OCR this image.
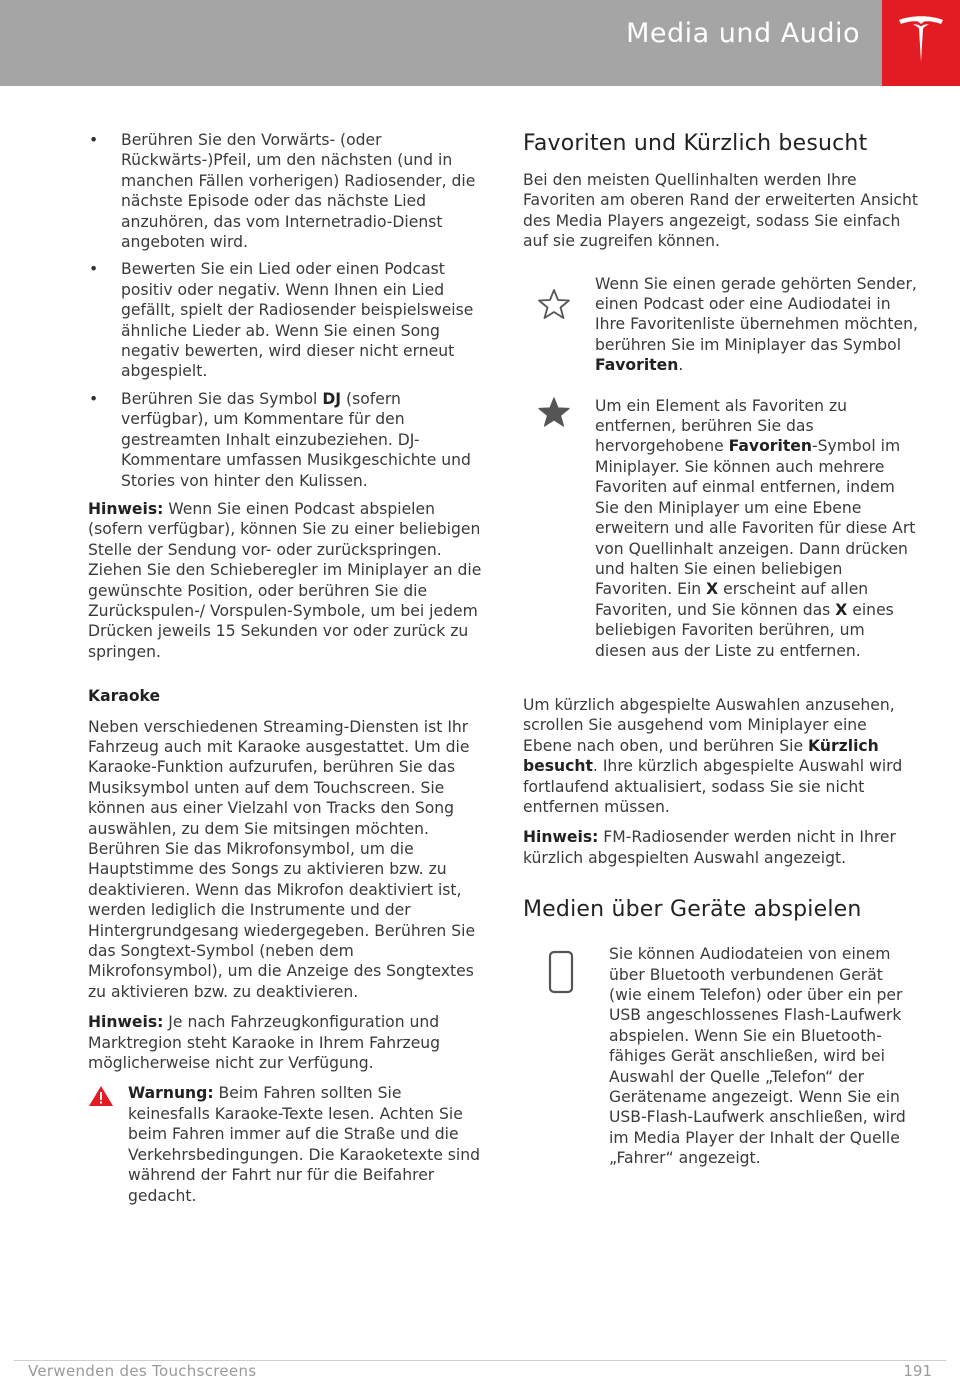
Media und Audio
• Berühren Sie den Vorwärts- (oder Rückwärts-)Pfeil, um den nächsten (und in manchen Fällen vorherigen) Radiosender, die nächste Episode oder das nächste Lied anzuhören, das vom Internetradio-Dienst angeboten wird.
• Bewerten Sie ein Lied oder einen Podcast positiv oder negativ. Wenn Ihnen ein Lied gefällt, spielt der Radiosender beispielsweise ähnliche Lieder ab. Wenn Sie einen Song negativ bewerten, wird dieser nicht erneut abgespielt.
• Berühren Sie das Symbol DJ (sofern verfügbar), um Kommentare für den gestreamten Inhalt einzubeziehen. DJ-Kommentare umfassen Musikgeschichte und Stories von hinter den Kulissen.

Hinweis: Wenn Sie einen Podcast abspielen (sofern verfügbar), können Sie zu einer beliebigen Stelle der Sendung vor- oder zurückspringen. Ziehen Sie den Schieberegler im Miniplayer an die gewünschte Position, oder berühren Sie die Zurückspulen-/ Vorspulen-Symbole, um bei jedem Drücken jeweils 15 Sekunden vor oder zurück zu springen.

Karaoke

Neben verschiedenen Streaming-Diensten ist Ihr Fahrzeug auch mit Karaoke ausgestattet. Um die Karaoke-Funktion aufzurufen, berühren Sie das Musiksymbol unten auf dem Touchscreen. Sie können aus einer Vielzahl von Tracks den Song auswählen, zu dem Sie mitsingen möchten. Berühren Sie das Mikrofonsymbol, um die Hauptstimme des Songs zu aktivieren bzw. zu deaktivieren. Wenn das Mikrofon deaktiviert ist, werden lediglich die Instrumente und der Hintergrundgesang wiedergegeben. Berühren Sie das Songtext-Symbol (neben dem Mikrofonsymbol), um die Anzeige des Songtextes zu aktivieren bzw. zu deaktivieren.

Hinweis: Je nach Fahrzeugkonfiguration und Marktregion steht Karaoke in Ihrem Fahrzeug möglicherweise nicht zur Verfügung.

Warnung: Beim Fahren sollten Sie keinesfalls Karaoke-Texte lesen. Achten Sie beim Fahren immer auf die Straße und die Verkehrsbedingungen. Die Karaoketexte sind während der Fahrt nur für die Beifahrer gedacht.
Favoriten und Kürzlich besucht

Bei den meisten Quellinhalten werden Ihre Favoriten am oberen Rand der erweiterten Ansicht des Media Players angezeigt, sodass Sie einfach auf sie zugreifen können.

Wenn Sie einen gerade gehörten Sender, einen Podcast oder eine Audiodatei in Ihre Favoritenliste übernehmen möchten, berühren Sie im Miniplayer das Symbol Favoriten.
Um ein Element als Favoriten zu entfernen, berühren Sie das hervorgehobene Favoriten-Symbol im Miniplayer. Sie können auch mehrere Favoriten auf einmal entfernen, indem Sie den Miniplayer um eine Ebene erweitern und alle Favoriten für diese Art von Quellinhalt anzeigen. Dann drücken und halten Sie einen beliebigen Favoriten. Ein X erscheint auf allen Favoriten, und Sie können das X eines beliebigen Favoriten berühren, um diesen aus der Liste zu entfernen.

Um kürzlich abgespielte Auswahlen anzusehen, scrollen Sie ausgehend vom Miniplayer eine Ebene nach oben, und berühren Sie Kürzlich besucht. Ihre kürzlich abgespielte Auswahl wird fortlaufend aktualisiert, sodass Sie sie nicht entfernen müssen.

Hinweis: FM-Radiosender werden nicht in Ihrer kürzlich abgespielten Auswahl angezeigt.

Medien über Geräte abspielen
Sie können Audiodateien von einem über Bluetooth verbundenen Gerät (wie einem Telefon) oder über ein per USB angeschlossenes Flash-Laufwerk abspielen. Wenn Sie ein Bluetooth-fähiges Gerät anschließen, wird bei Auswahl der Quelle „Telefon“ der Gerätename angezeigt. Wenn Sie ein USB-Flash-Laufwerk anschließen, wird im Media Player der Inhalt der Quelle „Fahrer“ angezeigt.
Verwenden des Touchscreens	191
